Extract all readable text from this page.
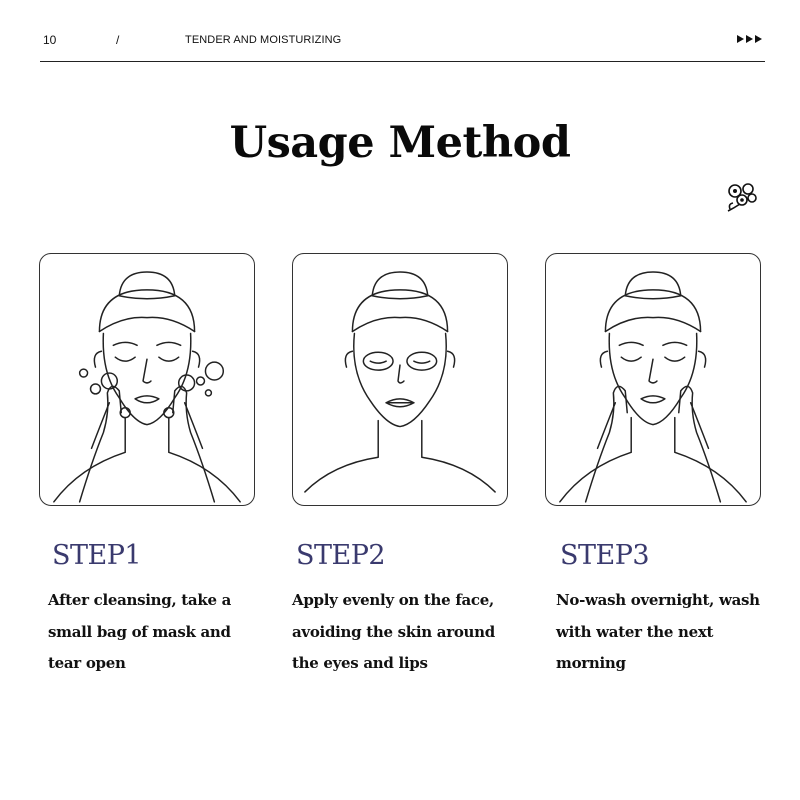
10	/	TENDER AND MOISTURIZING
Usage Method
STEP1
After cleansing, take a small bag of mask and tear open
STEP2
Apply evenly on the face, avoiding the skin around the eyes and lips
STEP3
No-wash overnight, wash with water the next morning
